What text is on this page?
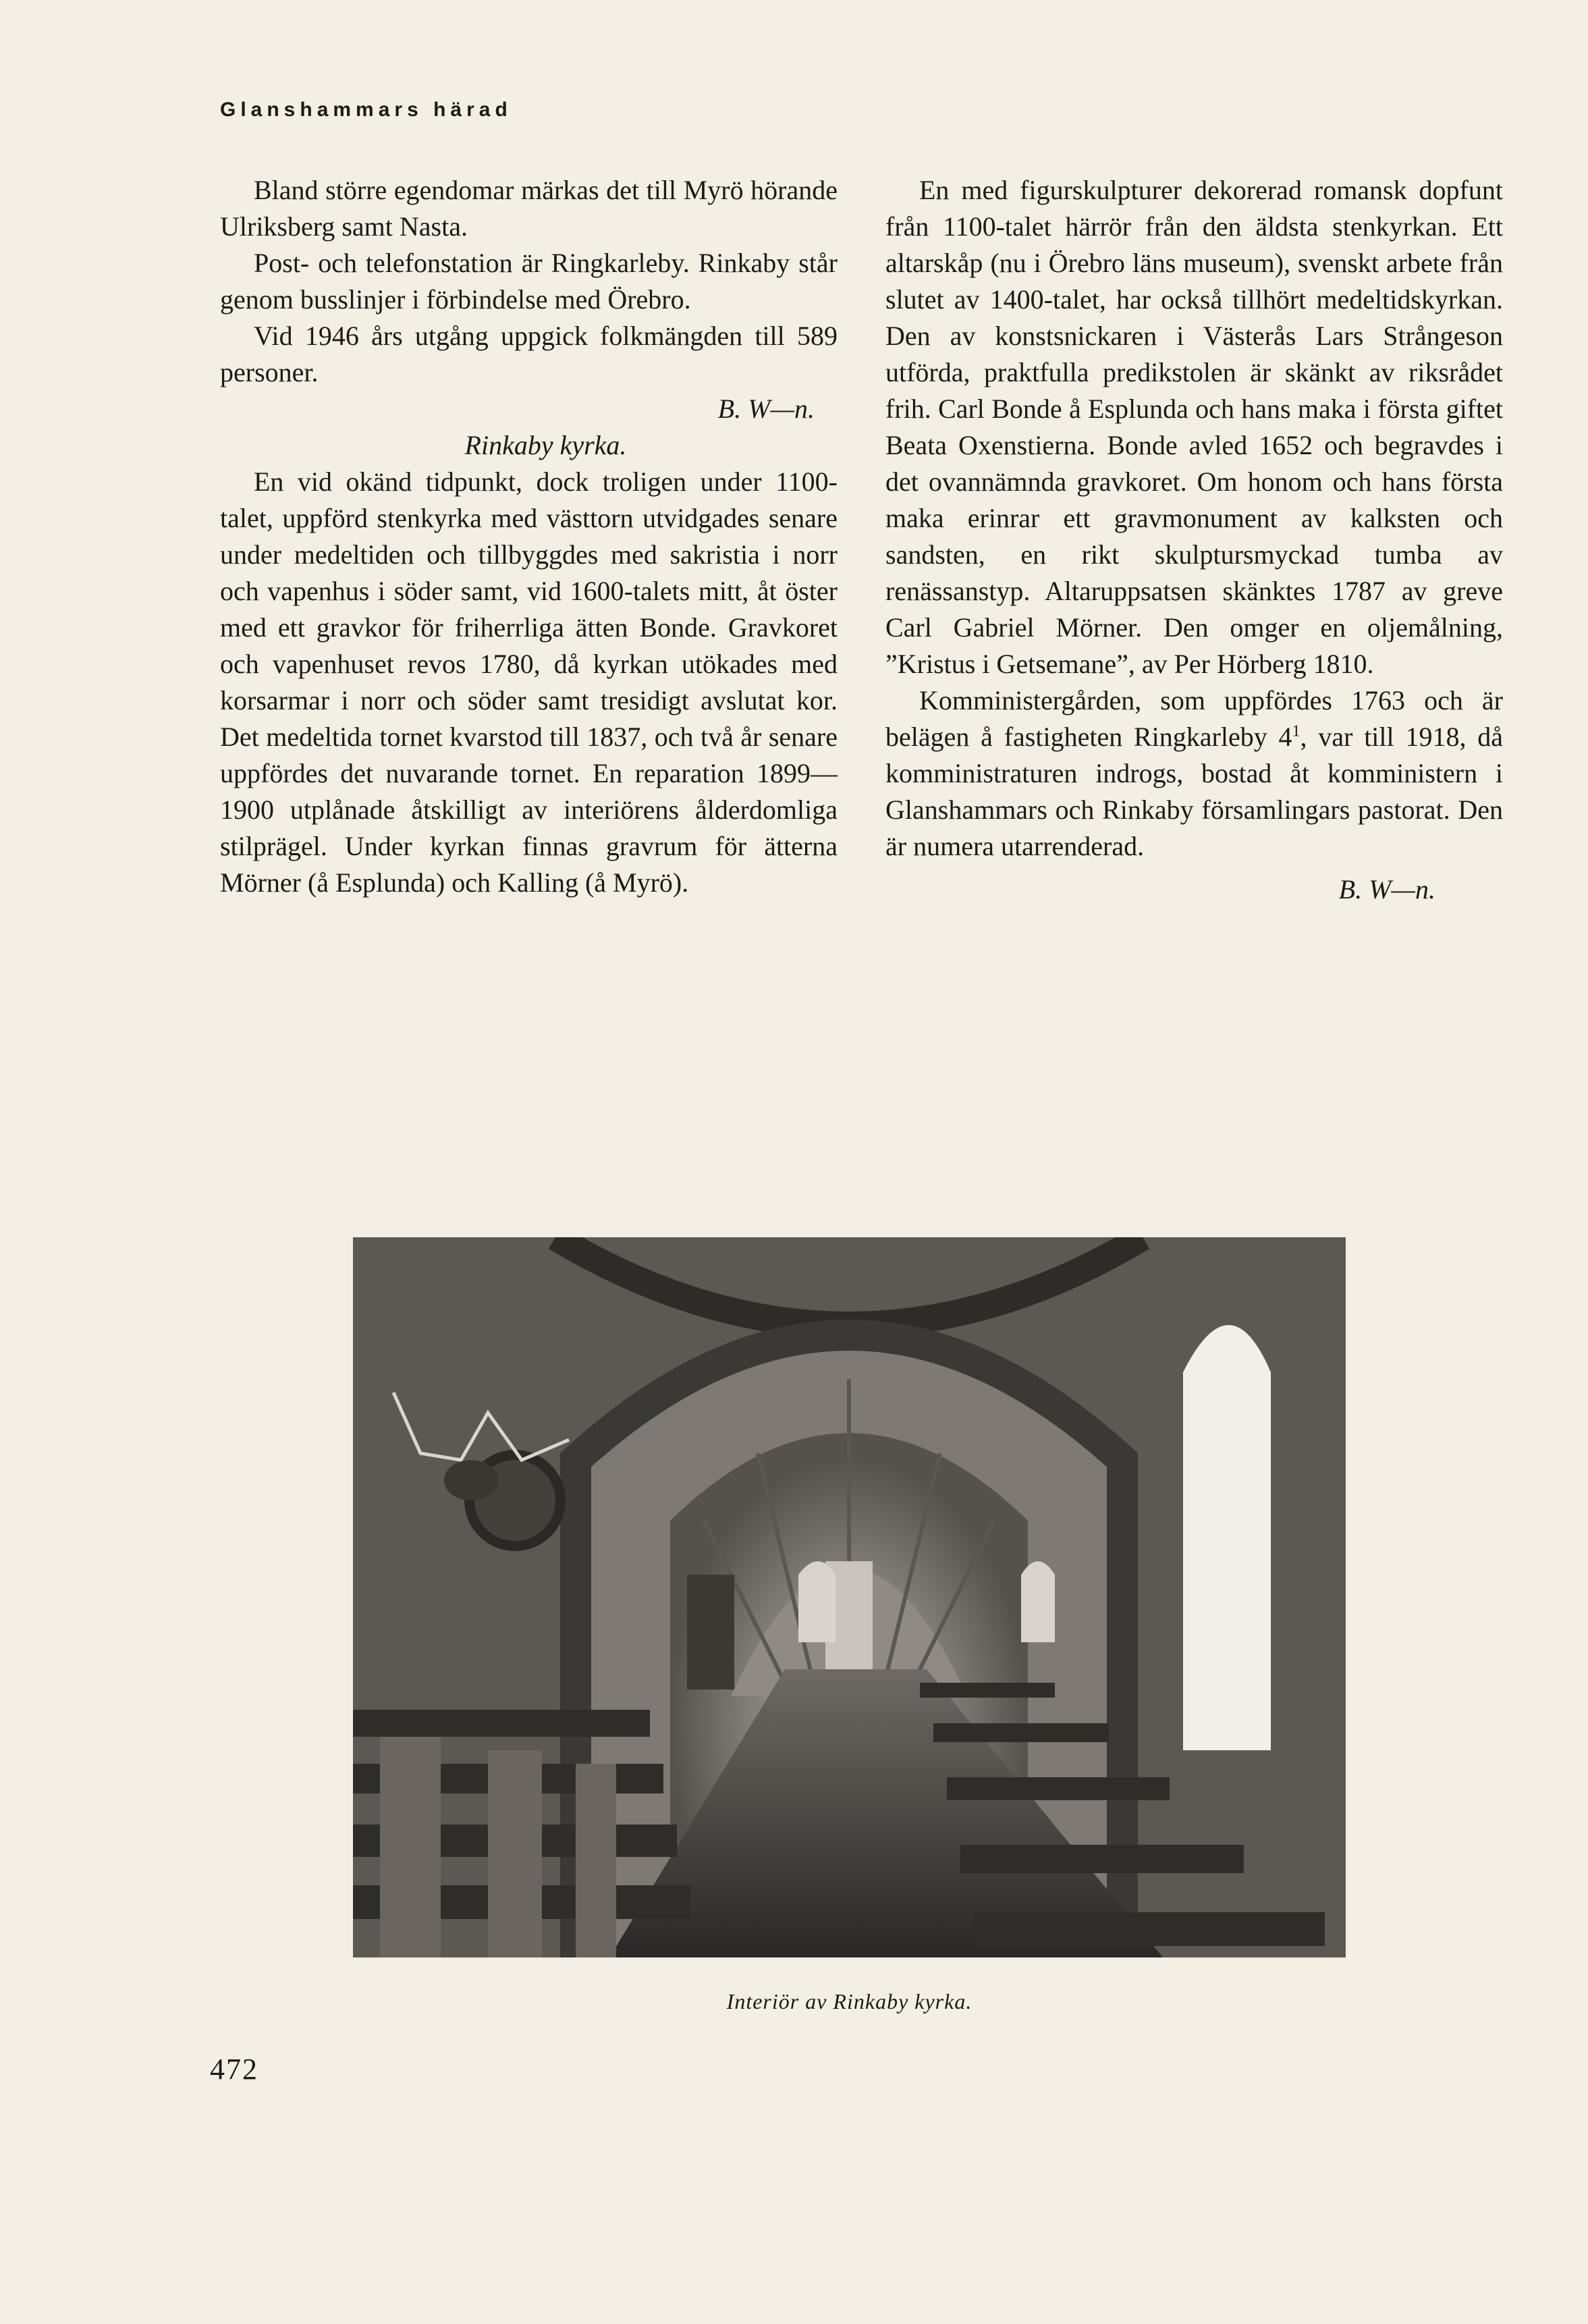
Glanshammars härad

Bland större egendomar märkas det till Myrö hörande Ulriksberg samt Nasta.

Post- och telefonstation är Ringkarleby. Rinkaby står genom busslinjer i förbindelse med Örebro.

Vid 1946 års utgång uppgick folkmängden till 589 personer.

B. W—n.

Rinkaby kyrka.

En vid okänd tidpunkt, dock troligen under 1100-talet, uppförd stenkyrka med västtorn utvidgades senare under medeltiden och tillbyggdes med sakristia i norr och vapenhus i söder samt, vid 1600-talets mitt, åt öster med ett gravkor för friherrliga ätten Bonde. Gravkoret och vapenhuset revos 1780, då kyrkan utökades med korsarmar i norr och söder samt tresidigt avslutat kor. Det medeltida tornet kvarstod till 1837, och två år senare uppfördes det nuvarande tornet. En reparation 1899—1900 utplånade åtskilligt av interiörens ålderdomliga stilprägel. Under kyrkan finnas gravrum för ätterna Mörner (å Esplunda) och Kalling (å Myrö).

En med figurskulpturer dekorerad romansk dopfunt från 1100-talet härrör från den äldsta stenkyrkan. Ett altarskåp (nu i Örebro läns museum), svenskt arbete från slutet av 1400-talet, har också tillhört medeltidskyrkan. Den av konstsnickaren i Västerås Lars Strångeson utförda, praktfulla predikstolen är skänkt av riksrådet frih. Carl Bonde å Esplunda och hans maka i första giftet Beata Oxenstierna. Bonde avled 1652 och begravdes i det ovannämnda gravkoret. Om honom och hans första maka erinrar ett gravmonument av kalksten och sandsten, en rikt skulptursmyckad tumba av renässanstyp. Altaruppsatsen skänktes 1787 av greve Carl Gabriel Mörner. Den omger en oljemålning, ”Kristus i Getsemane”, av Per Hörberg 1810.

Komministergården, som uppfördes 1763 och är belägen å fastigheten Ringkarleby $4^1$, var till 1918, då komministraturen indrogs, bostad åt komministern i Glanshammars och Rinkaby församlingars pastorat. Den är numera utarrenderad.

B. W—n.

Interiör av Rinkaby kyrka.
472
